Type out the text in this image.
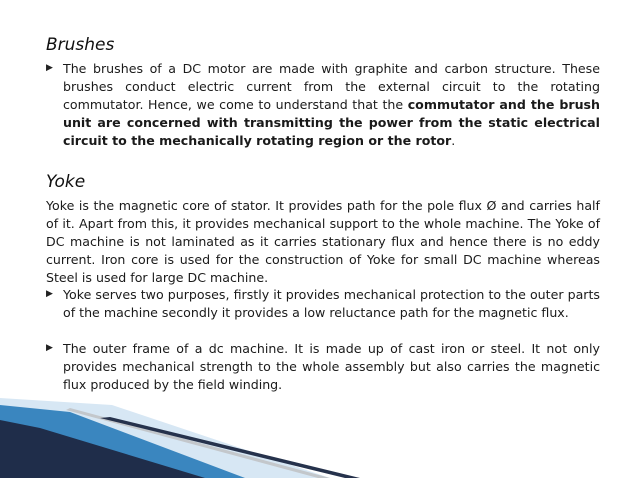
Brushes
▶ The brushes of a DC motor are made with graphite and carbon structure. These brushes conduct electric current from the external circuit to the rotating commutator. Hence, we come to understand that the commutator and the brush unit are concerned with transmitting the power from the static electrical circuit to the mechanically rotating region or the rotor.

Yoke

Yoke is the magnetic core of stator. It provides path for the pole flux Ø and carries half of it. Apart from this, it provides mechanical support to the whole machine. The Yoke of DC machine is not laminated as it carries stationary flux and hence there is no eddy current. Iron core is used for the construction of Yoke for small DC machine whereas Steel is used for large DC machine.

▶ Yoke serves two purposes, firstly it provides mechanical protection to the outer parts of the machine secondly it provides a low reluctance path for the magnetic flux.

▶ The outer frame of a dc machine. It is made up of cast iron or steel. It not only provides mechanical strength to the whole assembly but also carries the magnetic flux produced by the field winding.
